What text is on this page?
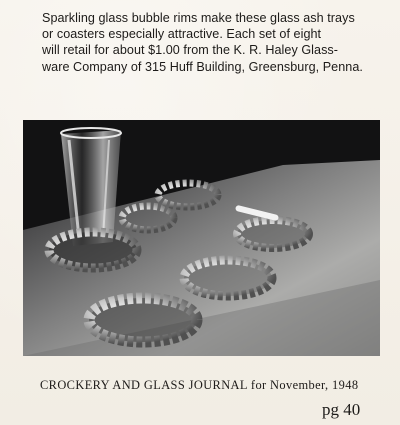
Sparkling glass bubble rims make these glass ash trays
or coasters especially attractive. Each set of eight
will retail for about $1.00 from the K. R. Haley Glass-
ware Company of 315 Huff Building, Greensburg, Penna.

CROCKERY AND GLASS JOURNAL for November, 1948

pg 40
